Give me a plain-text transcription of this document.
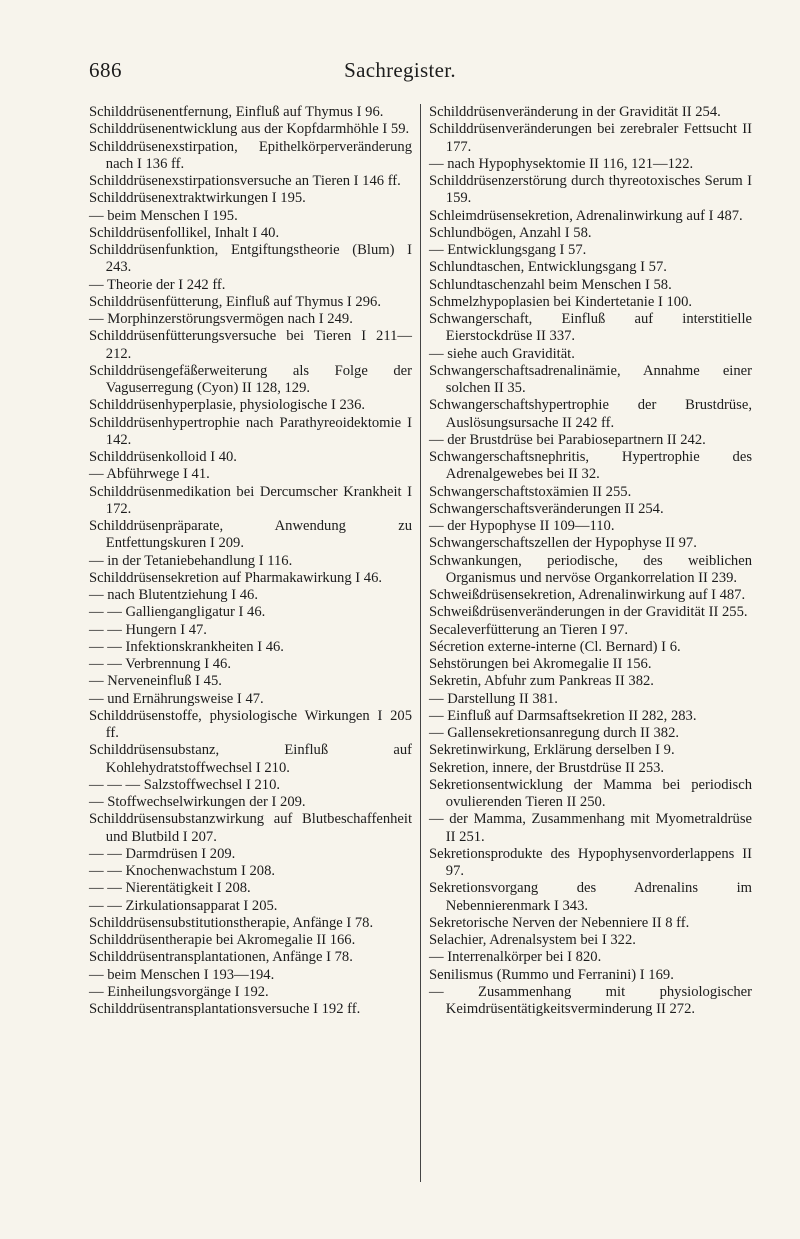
686	Sachregister.

Schilddrüsenentfernung, Einfluß auf Thymus I 96.

Schilddrüsenentwicklung aus der Kopfdarmhöhle I 59.

Schilddrüsenexstirpation, Epithelkörperveränderung nach I 136 ff.

Schilddrüsenexstirpationsversuche an Tieren I 146 ff.

Schilddrüsenextraktwirkungen I 195.

— beim Menschen I 195.

Schilddrüsenfollikel, Inhalt I 40.

Schilddrüsenfunktion, Entgiftungstheorie (Blum) I 243.

— Theorie der I 242 ff.

Schilddrüsenfütterung, Einfluß auf Thymus I 296.

— Morphinzerstörungsvermögen nach I 249.

Schilddrüsenfütterungsversuche bei Tieren I 211—212.

Schilddrüsengefäßerweiterung als Folge der Vaguserregung (Cyon) II 128, 129.

Schilddrüsenhyperplasie, physiologische I 236.

Schilddrüsenhypertrophie nach Parathyreoidektomie I 142.

Schilddrüsenkolloid I 40.

— Abführwege I 41.

Schilddrüsenmedikation bei Dercumscher Krankheit I 172.

Schilddrüsenpräparate, Anwendung zu Entfettungskuren I 209.

— in der Tetaniebehandlung I 116.

Schilddrüsensekretion auf Pharmakawirkung I 46.

— nach Blutentziehung I 46.

— — Galliengangligatur I 46.

— — Hungern I 47.

— — Infektionskrankheiten I 46.

— — Verbrennung I 46.

— Nerveneinfluß I 45.

— und Ernährungsweise I 47.

Schilddrüsenstoffe, physiologische Wirkungen I 205 ff.

Schilddrüsensubstanz, Einfluß auf Kohlehydratstoffwechsel I 210.

— — — Salzstoffwechsel I 210.

— Stoffwechselwirkungen der I 209.

Schilddrüsensubstanzwirkung auf Blutbeschaffenheit und Blutbild I 207.

— — Darmdrüsen I 209.

— — Knochenwachstum I 208.

— — Nierentätigkeit I 208.

— — Zirkulationsapparat I 205.

Schilddrüsensubstitutionstherapie, Anfänge I 78.

Schilddrüsentherapie bei Akromegalie II 166.

Schilddrüsentransplantationen, Anfänge I 78.

— beim Menschen I 193—194.

— Einheilungsvorgänge I 192.

Schilddrüsentransplantationsversuche I 192 ff.

Schilddrüsenveränderung in der Gravidität II 254.

Schilddrüsenveränderungen bei zerebraler Fettsucht II 177.

— nach Hypophysektomie II 116, 121—122.

Schilddrüsenzerstörung durch thyreotoxisches Serum I 159.

Schleimdrüsensekretion, Adrenalinwirkung auf I 487.

Schlundbögen, Anzahl I 58.

— Entwicklungsgang I 57.

Schlundtaschen, Entwicklungsgang I 57.

Schlundtaschenzahl beim Menschen I 58.

Schmelzhypoplasien bei Kindertetanie I 100.

Schwangerschaft, Einfluß auf interstitielle Eierstockdrüse II 337.

— siehe auch Gravidität.

Schwangerschaftsadrenalinämie, Annahme einer solchen II 35.

Schwangerschaftshypertrophie der Brustdrüse, Auslösungsursache II 242 ff.

— der Brustdrüse bei Parabiosepartnern II 242.

Schwangerschaftsnephritis, Hypertrophie des Adrenalgewebes bei II 32.

Schwangerschaftstoxämien II 255.

Schwangerschaftsveränderungen II 254.

— der Hypophyse II 109—110.

Schwangerschaftszellen der Hypophyse II 97.

Schwankungen, periodische, des weiblichen Organismus und nervöse Organkorrelation II 239.

Schweißdrüsensekretion, Adrenalinwirkung auf I 487.

Schweißdrüsenveränderungen in der Gravidität II 255.

Secaleverfütterung an Tieren I 97.

Sécretion externe-interne (Cl. Bernard) I 6.

Sehstörungen bei Akromegalie II 156.

Sekretin, Abfuhr zum Pankreas II 382.

— Darstellung II 381.

— Einfluß auf Darmsaftsekretion II 282, 283.

— Gallensekretionsanregung durch II 382.

Sekretinwirkung, Erklärung derselben I 9.

Sekretion, innere, der Brustdrüse II 253.

Sekretionsentwicklung der Mamma bei periodisch ovulierenden Tieren II 250.

— der Mamma, Zusammenhang mit Myometraldrüse II 251.

Sekretionsprodukte des Hypophysenvorderlappens II 97.

Sekretionsvorgang des Adrenalins im Nebennierenmark I 343.

Sekretorische Nerven der Nebenniere II 8 ff.

Selachier, Adrenalsystem bei I 322.

— Interrenalkörper bei I 820.

Senilismus (Rummo und Ferranini) I 169.

— Zusammenhang mit physiologischer Keimdrüsentätigkeitsverminderung II 272.
